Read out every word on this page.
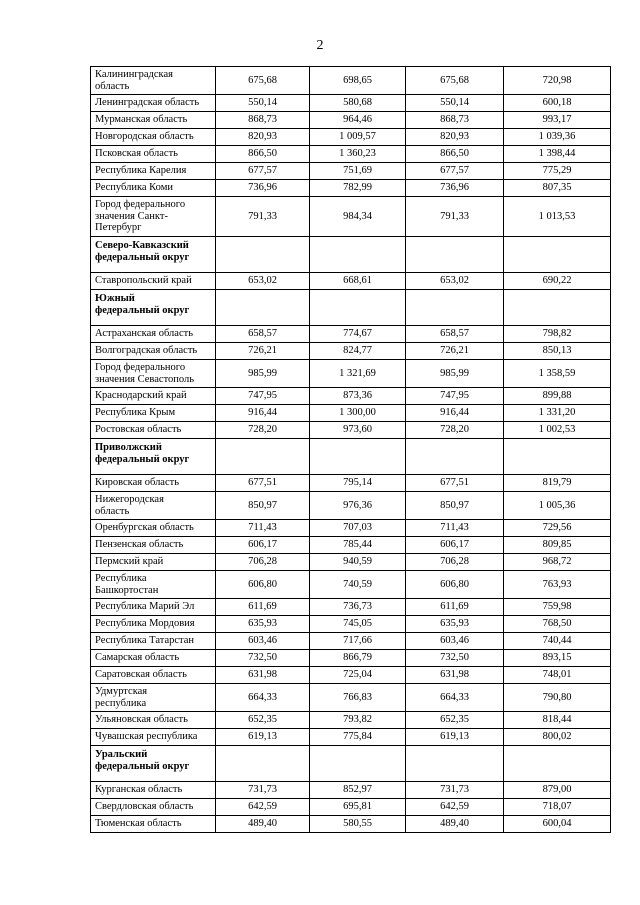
2
Калининградская
область	675,68	698,65	675,68	720,98
Ленинградская область	550,14	580,68	550,14	600,18
Мурманская область	868,73	964,46	868,73	993,17
Новгородская область	820,93	1 009,57	820,93	1 039,36
Псковская область	866,50	1 360,23	866,50	1 398,44
Республика Карелия	677,57	751,69	677,57	775,29
Республика Коми	736,96	782,99	736,96	807,35
Город федерального
значения Санкт-
Петербург	791,33	984,34	791,33	1 013,53
Северо-Кавказский
федеральный округ				
Ставропольский край	653,02	668,61	653,02	690,22
Южный
федеральный округ				
Астраханская область	658,57	774,67	658,57	798,82
Волгоградская область	726,21	824,77	726,21	850,13
Город федерального
значения Севастополь	985,99	1 321,69	985,99	1 358,59
Краснодарский край	747,95	873,36	747,95	899,88
Республика Крым	916,44	1 300,00	916,44	1 331,20
Ростовская область	728,20	973,60	728,20	1 002,53
Приволжский
федеральный округ				
Кировская область	677,51	795,14	677,51	819,79
Нижегородская
область	850,97	976,36	850,97	1 005,36
Оренбургская область	711,43	707,03	711,43	729,56
Пензенская область	606,17	785,44	606,17	809,85
Пермский край	706,28	940,59	706,28	968,72
Республика
Башкортостан	606,80	740,59	606,80	763,93
Республика Марий Эл	611,69	736,73	611,69	759,98
Республика Мордовия	635,93	745,05	635,93	768,50
Республика Татарстан	603,46	717,66	603,46	740,44
Самарская область	732,50	866,79	732,50	893,15
Саратовская область	631,98	725,04	631,98	748,01
Удмуртская
республика	664,33	766,83	664,33	790,80
Ульяновская область	652,35	793,82	652,35	818,44
Чувашская республика	619,13	775,84	619,13	800,02
Уральский
федеральный округ				
Курганская область	731,73	852,97	731,73	879,00
Свердловская область	642,59	695,81	642,59	718,07
Тюменская область	489,40	580,55	489,40	600,04
